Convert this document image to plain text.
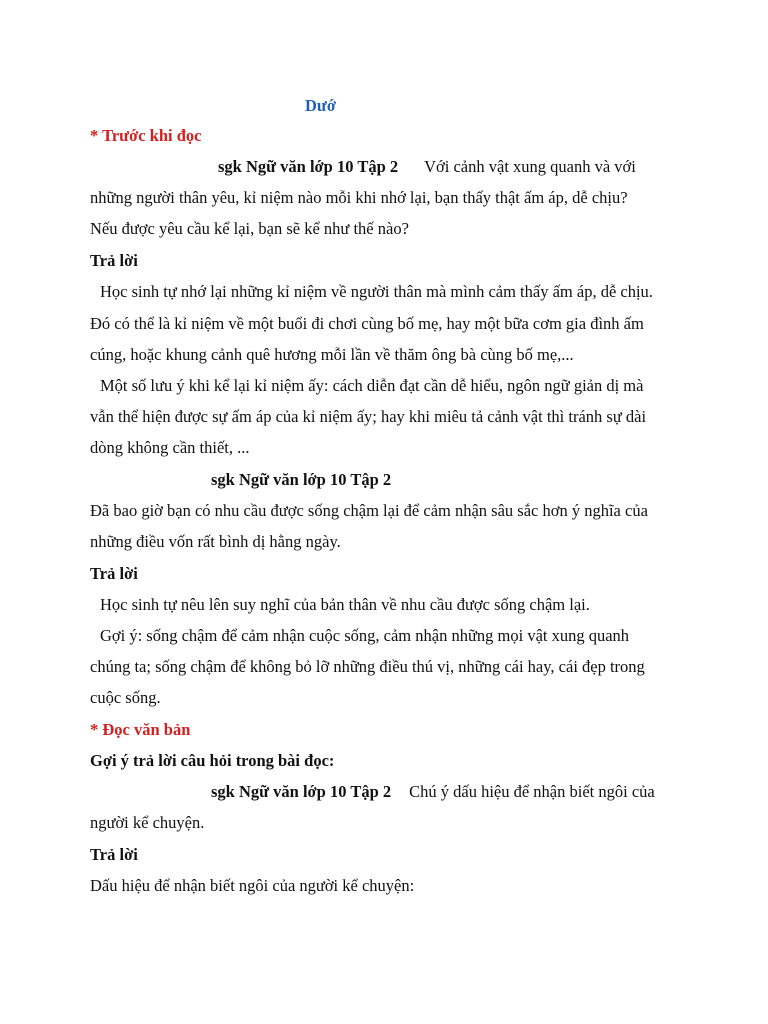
Dướ
* Trước khi đọc
sgk Ngữ văn lớp 10 Tập 2 Với cảnh vật xung quanh và với
những người thân yêu, kỉ niệm nào mỗi khi nhớ lại, bạn thấy thật ấm áp, dễ chịu?
Nếu được yêu cầu kể lại, bạn sẽ kể như thế nào?
Trả lời
Học sinh tự nhớ lại những kỉ niệm về người thân mà mình cảm thấy ấm áp, dễ chịu.
Đó có thể là kỉ niệm về một buổi đi chơi cùng bố mẹ, hay một bữa cơm gia đình ấm
cúng, hoặc khung cảnh quê hương mỗi lần về thăm ông bà cùng bố mẹ,...
Một số lưu ý khi kể lại kỉ niệm ấy: cách diễn đạt cần dễ hiểu, ngôn ngữ giản dị mà
vẫn thể hiện được sự ấm áp của kỉ niệm ấy; hay khi miêu tả cảnh vật thì tránh sự dài
dòng không cần thiết, ...
sgk Ngữ văn lớp 10 Tập 2
Đã bao giờ bạn có nhu cầu được sống chậm lại để cảm nhận sâu sắc hơn ý nghĩa của
những điều vốn rất bình dị hằng ngày.
Trả lời
Học sinh tự nêu lên suy nghĩ của bản thân về nhu cầu được sống chậm lại.
Gợi ý: sống chậm để cảm nhận cuộc sống, cảm nhận những mọi vật xung quanh
chúng ta; sống chậm để không bỏ lỡ những điều thú vị, những cái hay, cái đẹp trong
cuộc sống.
* Đọc văn bản
Gợi ý trả lời câu hỏi trong bài đọc:
sgk Ngữ văn lớp 10 Tập 2 Chú ý dấu hiệu để nhận biết ngôi của
người kể chuyện.
Trả lời
Dấu hiệu để nhận biết ngôi của người kể chuyện:
